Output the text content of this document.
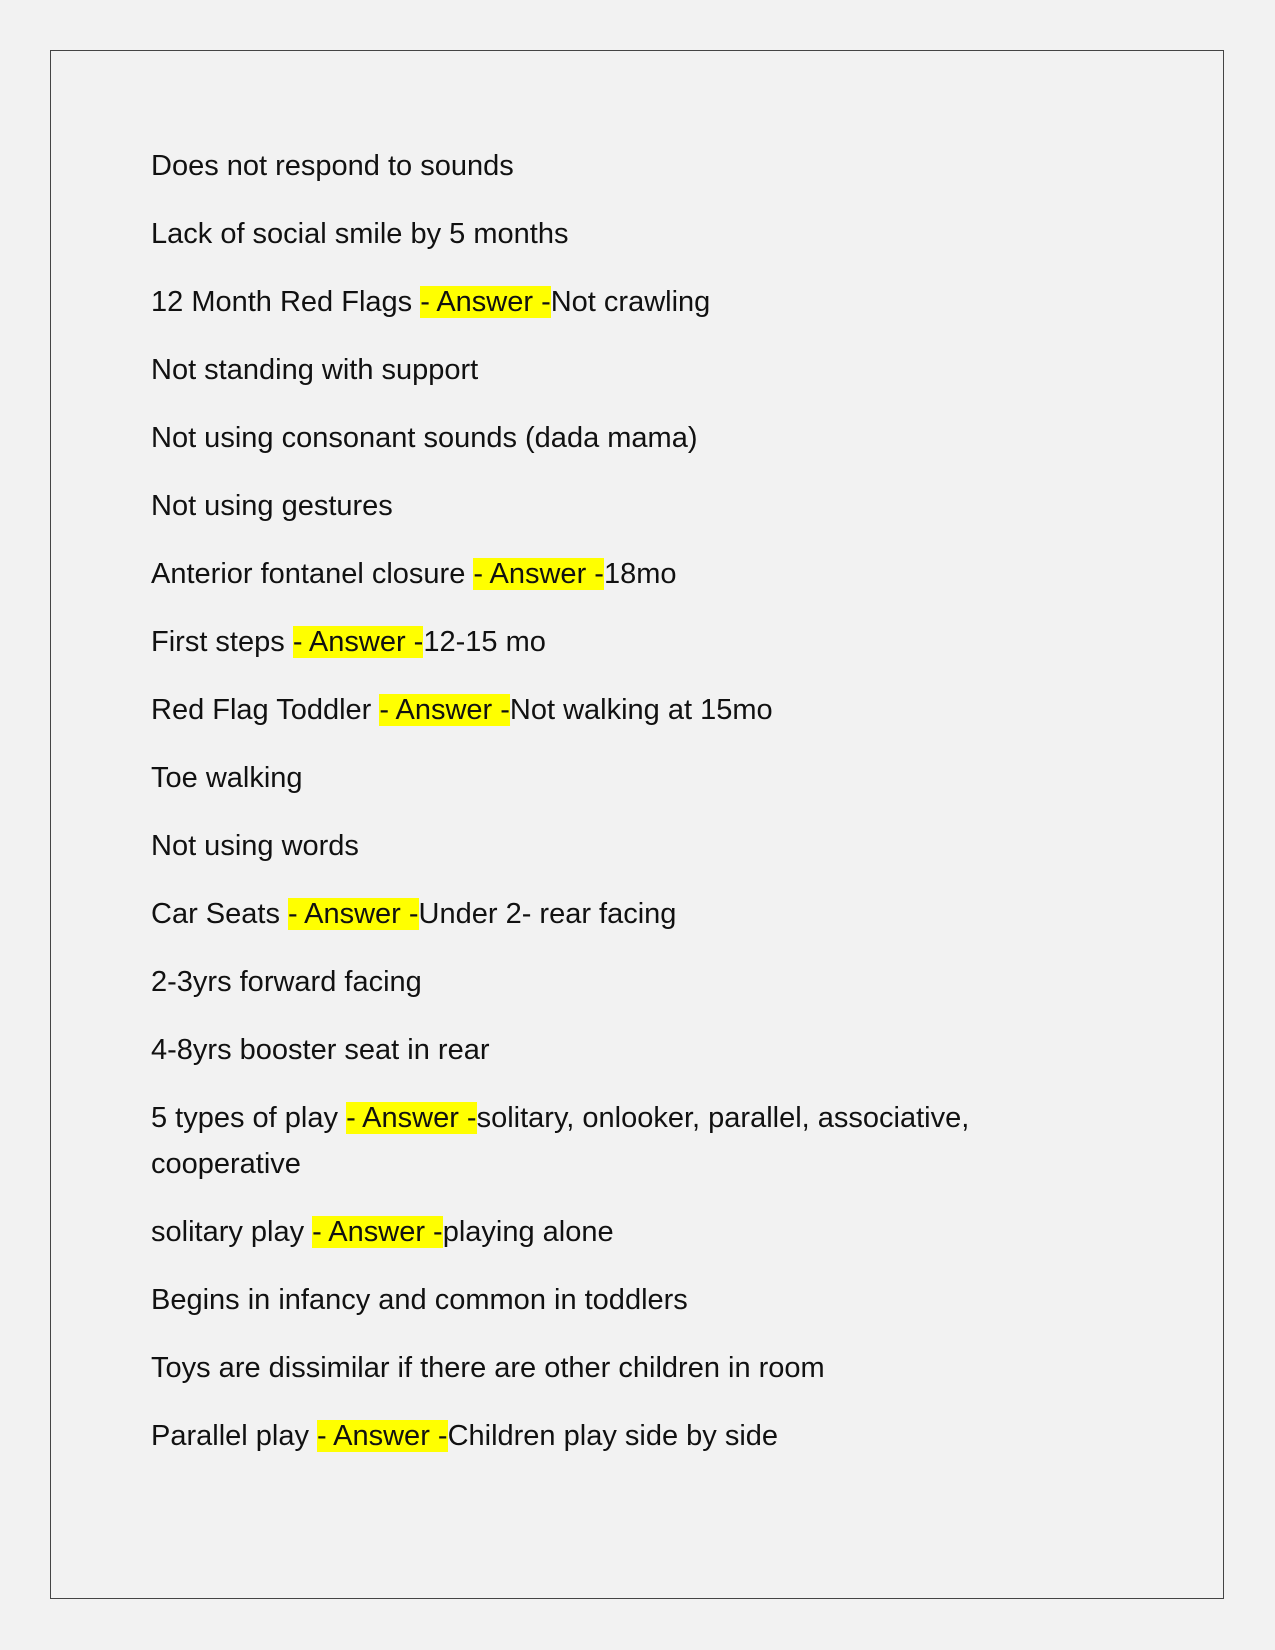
Does not respond to sounds

Lack of social smile by 5 months

12 Month Red Flags - Answer -Not crawling

Not standing with support

Not using consonant sounds (dada mama)

Not using gestures

Anterior fontanel closure - Answer -18mo

First steps - Answer -12-15 mo

Red Flag Toddler - Answer -Not walking at 15mo

Toe walking

Not using words

Car Seats - Answer -Under 2- rear facing

2-3yrs forward facing

4-8yrs booster seat in rear

5 types of play - Answer -solitary, onlooker, parallel, associative, cooperative

solitary play - Answer -playing alone

Begins in infancy and common in toddlers

Toys are dissimilar if there are other children in room

Parallel play - Answer -Children play side by side
